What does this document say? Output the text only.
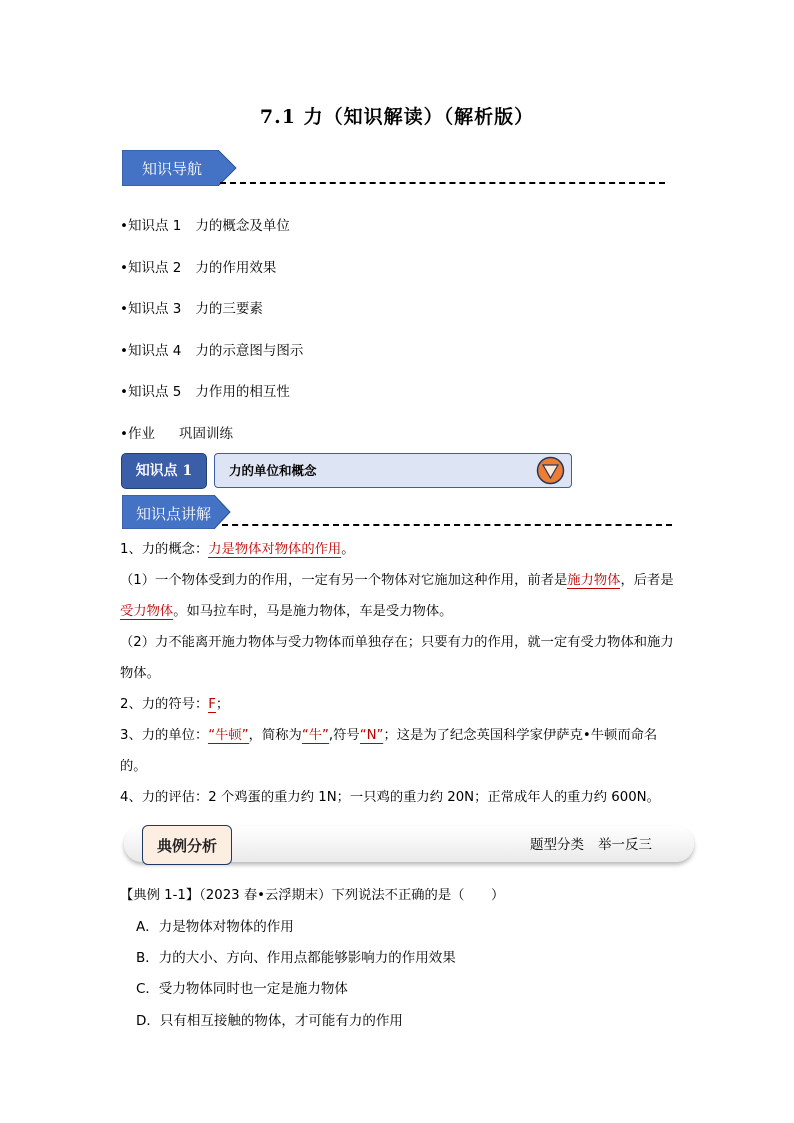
7.1 力（知识解读）（解析版）
知识导航
•知识点 1 力的概念及单位
•知识点 2 力的作用效果
•知识点 3 力的三要素
•知识点 4 力的示意图与图示
•知识点 5 力作用的相互性
•作业 巩固训练
知识点 1	力的单位和概念
知识点讲解
1、力的概念：力是物体对物体的作用。
（1）一个物体受到力的作用，一定有另一个物体对它施加这种作用，前者是施力物体，后者是受力物体。如马拉车时，马是施力物体，车是受力物体。
（2）力不能离开施力物体与受力物体而单独存在；只要有力的作用，就一定有受力物体和施力物体。
2、力的符号：F；
3、力的单位：“牛顿”，简称为“牛”,符号“N”；这是为了纪念英国科学家伊萨克•牛顿而命名的。
4、力的评估：2 个鸡蛋的重力约 1N；一只鸡的重力约 20N；正常成年人的重力约 600N。
典例分析	题型分类 举一反三
【典例 1-1】（2023 春•云浮期末）下列说法不正确的是（　　）
A．力是物体对物体的作用
B．力的大小、方向、作用点都能够影响力的作用效果
C．受力物体同时也一定是施力物体
D．只有相互接触的物体，才可能有力的作用
